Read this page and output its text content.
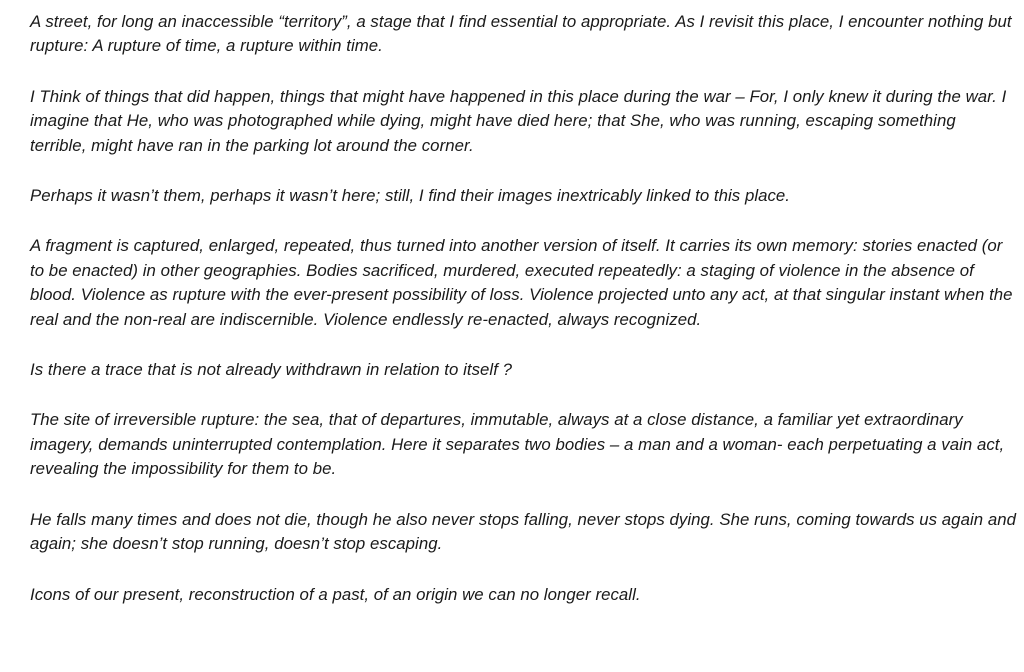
A street, for long an inaccessible “territory”, a stage that I find essential to appropriate. As I revisit this place, I encounter nothing but rupture: A rupture of time, a rupture within time.

I Think of things that did happen, things that might have happened in this place during the war – For, I only knew it during the war. I imagine that He, who was photographed while dying, might have died here; that She, who was running, escaping something terrible, might have ran in the parking lot around the corner.

Perhaps it wasn’t them, perhaps it wasn’t here; still, I find their images inextricably linked to this place.

A fragment is captured, enlarged, repeated, thus turned into another version of itself. It carries its own memory: stories enacted (or to be enacted) in other geographies. Bodies sacrificed, murdered, executed repeatedly: a staging of violence in the absence of blood. Violence as rupture with the ever-present possibility of loss. Violence projected unto any act, at that singular instant when the real and the non-real are indiscernible. Violence endlessly re-enacted, always recognized.

Is there a trace that is not already withdrawn in relation to itself ?

The site of irreversible rupture: the sea, that of departures, immutable, always at a close distance, a familiar yet extraordinary imagery, demands uninterrupted contemplation. Here it separates two bodies – a man and a woman- each perpetuating a vain act, revealing the impossibility for them to be.

He falls many times and does not die, though he also never stops falling, never stops dying. She runs, coming towards us again and again; she doesn’t stop running, doesn’t stop escaping.

Icons of our present, reconstruction of a past, of an origin we can no longer recall.
